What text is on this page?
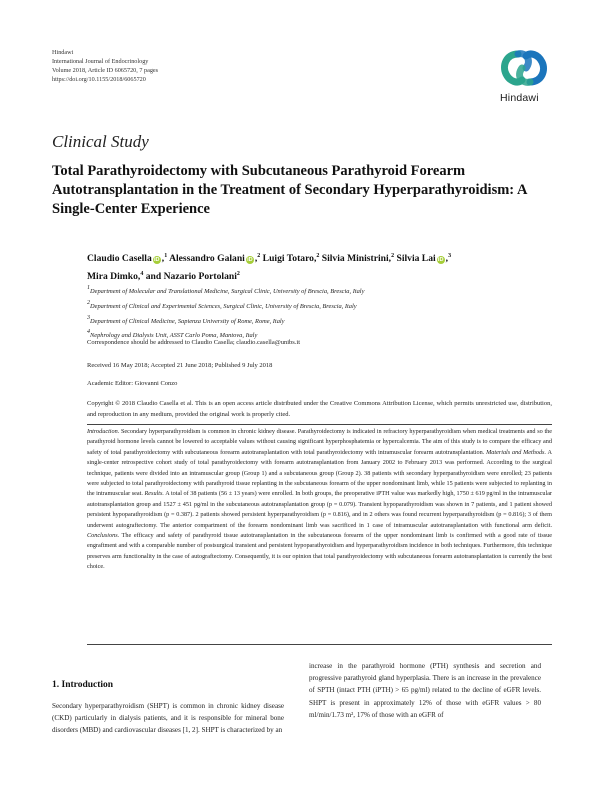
Hindawi
International Journal of Endocrinology
Volume 2018, Article ID 6065720, 7 pages
https://doi.org/10.1155/2018/6065720
Hindawi
Clinical Study
Total Parathyroidectomy with Subcutaneous Parathyroid Forearm Autotransplantation in the Treatment of Secondary Hyperparathyroidism: A Single-Center Experience
Claudio Casella iD ,$^1$ Alessandro Galani iD ,$^2$ Luigi Totaro,$^2$ Silvia Ministrini,$^2$ Silvia Lai iD ,$^3$
Mira Dimko,$^4$ and Nazario Portolani$^2$
1Department of Molecular and Translational Medicine, Surgical Clinic, University of Brescia, Brescia, Italy
2Department of Clinical and Experimental Sciences, Surgical Clinic, University of Brescia, Brescia, Italy
3Department of Clinical Medicine, Sapienza University of Rome, Rome, Italy
4Nephrology and Dialysis Unit, ASST Carlo Poma, Mantova, Italy
Correspondence should be addressed to Claudio Casella; claudio.casella@unibs.it
Received 16 May 2018; Accepted 21 June 2018; Published 9 July 2018
Academic Editor: Giovanni Conzo
Copyright © 2018 Claudio Casella et al. This is an open access article distributed under the Creative Commons Attribution License, which permits unrestricted use, distribution, and reproduction in any medium, provided the original work is properly cited.
Introduction. Secondary hyperparathyroidism is common in chronic kidney disease. Parathyroidectomy is indicated in refractory hyperparathyroidism when medical treatments and so the parathyroid hormone levels cannot be lowered to acceptable values without causing significant hyperphosphatemia or hypercalcemia. The aim of this study is to compare the efficacy and safety of total parathyroidectomy with subcutaneous forearm autotransplantation with total parathyroidectomy with intramuscular forearm autotransplantation. Materials and Methods. A single-center retrospective cohort study of total parathyroidectomy with forearm autotransplantation from January 2002 to February 2013 was performed. According to the surgical technique, patients were divided into an intramuscular group (Group 1) and a subcutaneous group (Group 2). 38 patients with secondary hyperparathyroidism were enrolled; 23 patients were subjected to total parathyroidectomy with parathyroid tissue replanting in the subcutaneous forearm of the upper nondominant limb, while 15 patients were subjected to replanting in the intramuscular seat. Results. A total of 38 patients (56 ± 13 years) were enrolled. In both groups, the preoperative iPTH value was markedly high, 1750 ± 619 pg/ml in the intramuscular autotransplantation group and 1527 ± 451 pg/ml in the subcutaneous autotransplantation group (p = 0.079). Transient hypoparathyroidism was shown in 7 patients, and 1 patient showed persistent hypoparathyroidism (p = 0.387). 2 patients showed persistent hyperparathyroidism (p = 0.816), and in 2 others was found recurrent hyperparathyroidism (p = 0.816); 3 of them underwent autograftectomy. The anterior compartment of the forearm nondominant limb was sacrificed in 1 case of intramuscular autotransplantation with functional arm deficit. Conclusions. The efficacy and safety of parathyroid tissue autotransplantation in the subcutaneous forearm of the upper nondominant limb is confirmed with a good rate of tissue engraftment and with a comparable number of postsurgical transient and persistent hypoparathyroidism and hyperparathyroidism incidence in both techniques. Furthermore, this technique preserves arm functionality in the case of autograftectomy. Consequently, it is our opinion that total parathyroidectomy with subcutaneous forearm autotransplantation is currently the best choice.
1. Introduction
Secondary hyperparathyroidism (SHPT) is common in chronic kidney disease (CKD) particularly in dialysis patients, and it is responsible for mineral bone disorders (MBD) and cardiovascular diseases [1, 2]. SHPT is characterized by an
increase in the parathyroid hormone (PTH) synthesis and secretion and progressive parathyroid gland hyperplasia. There is an increase in the prevalence of SPTH (intact PTH (iPTH) > 65 pg/ml) related to the decline of eGFR levels. SHPT is present in approximately 12% of those with eGFR values > 80 ml/min/1.73 m², 17% of those with an eGFR of
